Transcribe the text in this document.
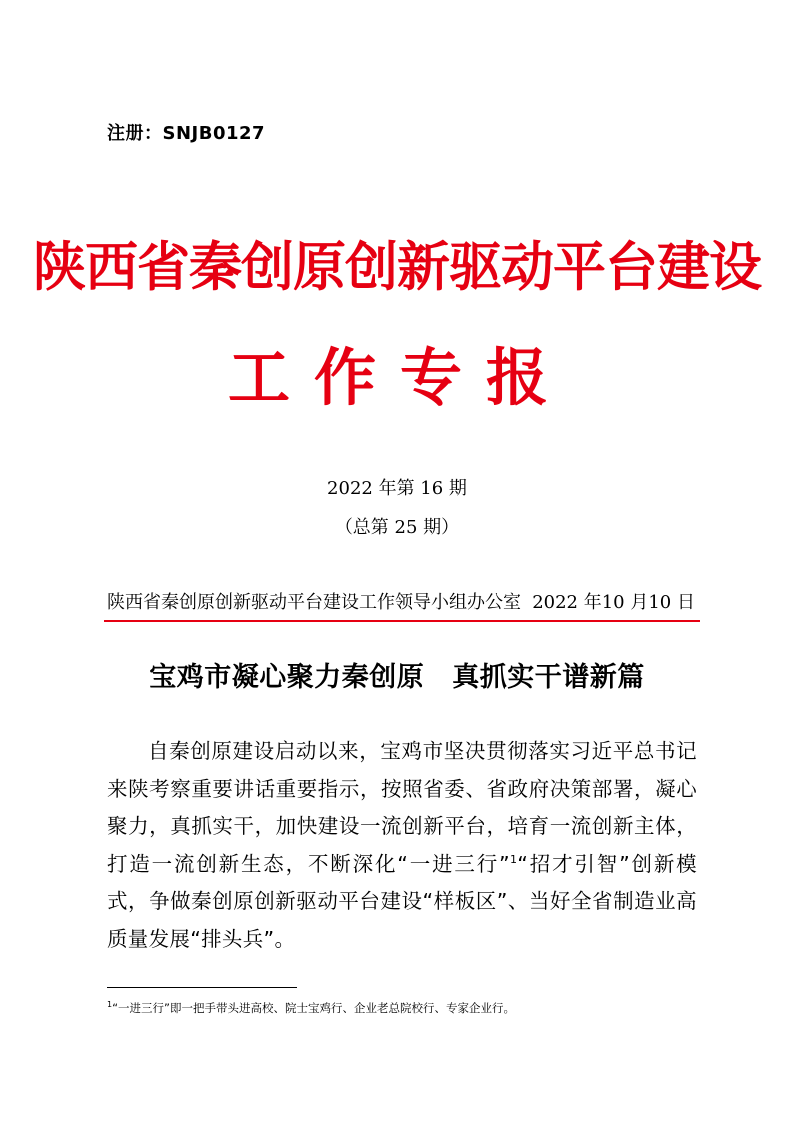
注册：SNJB0127
陕西省秦创原创新驱动平台建设
工作专报
2022 年第 16 期
（总第 25 期）
陕西省秦创原创新驱动平台建设工作领导小组办公室 2022 年10 月10 日
宝鸡市凝心聚力秦创原 真抓实干谱新篇

自秦创原建设启动以来，宝鸡市坚决贯彻落实习近平总书记来陕考察重要讲话重要指示，按照省委、省政府决策部署，凝心聚力，真抓实干，加快建设一流创新平台，培育一流创新主体，打造一流创新生态，不断深化“一进三行”$^1$“招才引智”创新模式，争做秦创原创新驱动平台建设“样板区”、当好全省制造业高质量发展“排头兵”。

$^1$“一进三行”即一把手带头进高校、院士宝鸡行、企业老总院校行、专家企业行。
